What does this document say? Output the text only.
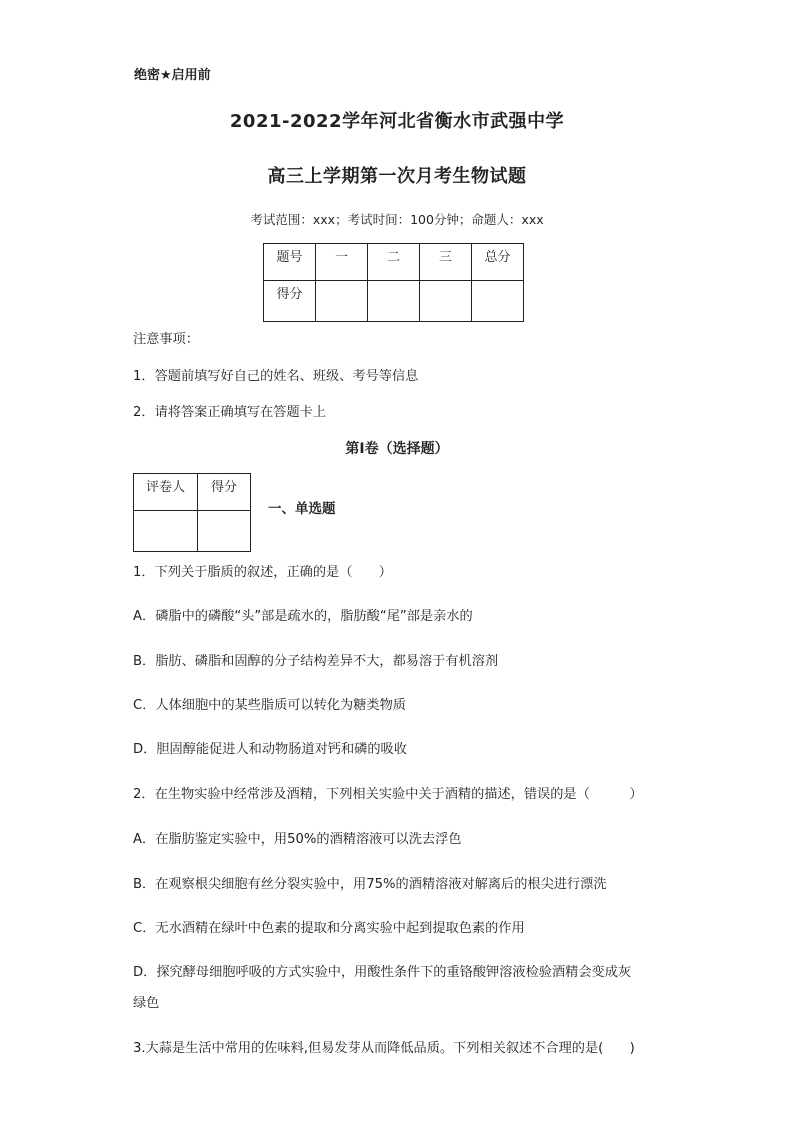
绝密★启用前
2021-2022学年河北省衡水市武强中学
高三上学期第一次月考生物试题
考试范围：xxx；考试时间：100分钟；命题人：xxx
题号	一	二	三	总分
得分				
注意事项：
1．答题前填写好自己的姓名、班级、考号等信息
2．请将答案正确填写在答题卡上
第I卷（选择题）
评卷人	得分

一、单选题
1．下列关于脂质的叙述，正确的是（　　）
A．磷脂中的磷酸“头”部是疏水的，脂肪酸“尾”部是亲水的
B．脂肪、磷脂和固醇的分子结构差异不大，都易溶于有机溶剂
C．人体细胞中的某些脂质可以转化为糖类物质
D．胆固醇能促进人和动物肠道对钙和磷的吸收
2．在生物实验中经常涉及酒精，下列相关实验中关于酒精的描述，错误的是（　　　）
A．在脂肪鉴定实验中，用50%的酒精溶液可以洗去浮色
B．在观察根尖细胞有丝分裂实验中，用75%的酒精溶液对解离后的根尖进行漂洗
C．无水酒精在绿叶中色素的提取和分离实验中起到提取色素的作用
D．探究酵母细胞呼吸的方式实验中，用酸性条件下的重铬酸钾溶液检验酒精会变成灰
绿色
3.大蒜是生活中常用的佐味料,但易发芽从而降低品质。下列相关叙述不合理的是(　　)
